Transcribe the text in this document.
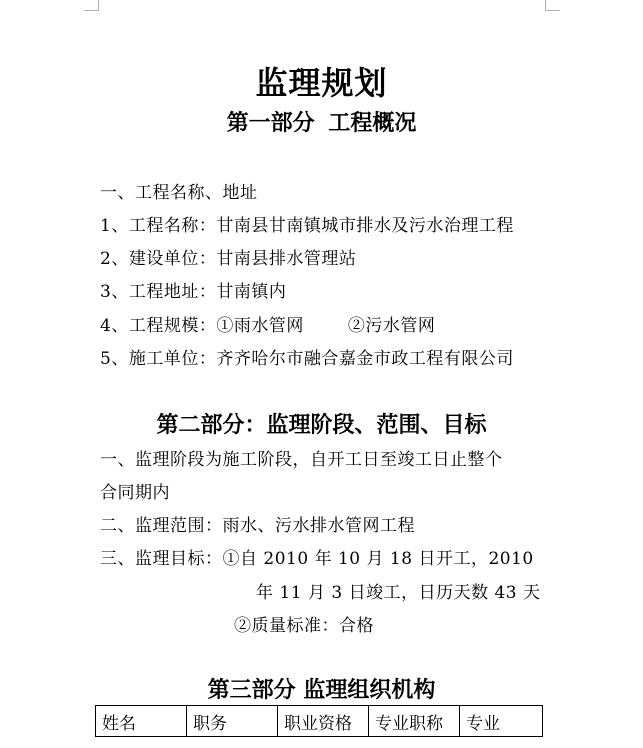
监理规划
第一部分 工程概况
一、工程名称、地址
1、工程名称：甘南县甘南镇城市排水及污水治理工程
2、建设单位：甘南县排水管理站
3、工程地址：甘南镇内
4、工程规模：①雨水管网	②污水管网
5、施工单位：齐齐哈尔市融合嘉金市政工程有限公司
第二部分：监理阶段、范围、目标
一、监理阶段为施工阶段，自开工日至竣工日止整个
合同期内
二、监理范围：雨水、污水排水管网工程
三、监理目标：①自 2010 年 10 月 18 日开工，2010
年 11 月 3 日竣工，日历天数 43 天
②质量标准：合格
第三部分 监理组织机构
姓名	职务	职业资格	专业职称	专业
